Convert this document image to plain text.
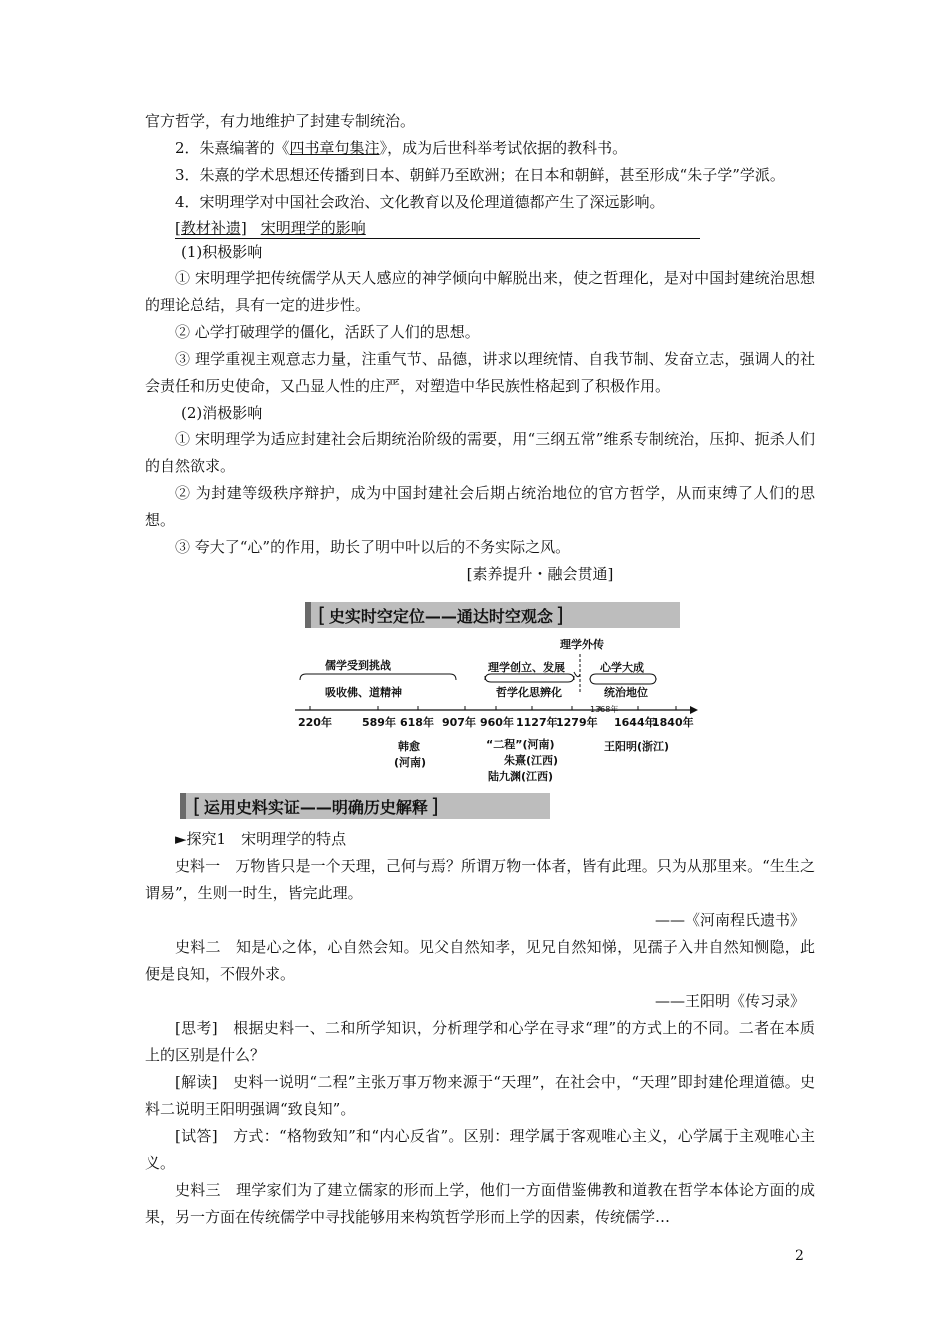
官方哲学，有力地维护了封建专制统治。

2．朱熹编著的《四书章句集注》，成为后世科举考试依据的教科书。

3．朱熹的学术思想还传播到日本、朝鲜乃至欧洲；在日本和朝鲜，甚至形成“朱子学”学派。

4．宋明理学对中国社会政治、文化教育以及伦理道德都产生了深远影响。

[教材补遗] 宋明理学的影响
(1)积极影响

① 宋明理学把传统儒学从天人感应的神学倾向中解脱出来，使之哲理化，是对中国封建统治思想的理论总结，具有一定的进步性。

② 心学打破理学的僵化，活跃了人们的思想。

③ 理学重视主观意志力量，注重气节、品德，讲求以理统情、自我节制、发奋立志，强调人的社会责任和历史使命，又凸显人性的庄严，对塑造中华民族性格起到了积极作用。

(2)消极影响

① 宋明理学为适应封建社会后期统治阶级的需要，用“三纲五常”维系专制统治，压抑、扼杀人们的自然欲求。

② 为封建等级秩序辩护，成为中国封建社会后期占统治地位的官方哲学，从而束缚了人们的思想。

③ 夸大了“心”的作用，助长了明中叶以后的不务实际之风。

[素养提升・融会贯通]
[ 史实时空定位——通达时空观念 ]
儒学受到挑战
理学外传
理学创立、发展	心学大成
吸收佛、道精神	哲学化思辨化	统治地位
220年	589年 618年 907年 960年 1127年
1279年
1368年
1644年
1840年
韩愈
(河南)
“二程”(河南)
朱熹(江西)
陆九渊(江西)
王阳明(浙江)
[ 运用史料实证——明确历史解释 ]

►探究1　宋明理学的特点

史料一　万物皆只是一个天理，己何与焉？所谓万物一体者，皆有此理。只为从那里来。“生生之谓易”，生则一时生，皆完此理。

——《河南程氏遗书》

史料二　知是心之体，心自然会知。见父自然知孝，见兄自然知悌，见孺子入井自然知恻隐，此便是良知，不假外求。

——王阳明《传习录》

[思考]　根据史料一、二和所学知识，分析理学和心学在寻求“理”的方式上的不同。二者在本质上的区别是什么？

[解读]　史料一说明“二程”主张万事万物来源于“天理”，在社会中，“天理”即封建伦理道德。史料二说明王阳明强调“致良知”。

[试答]　方式：“格物致知”和“内心反省”。区别：理学属于客观唯心主义，心学属于主观唯心主义。

史料三　理学家们为了建立儒家的形而上学，他们一方面借鉴佛教和道教在哲学本体论方面的成果，另一方面在传统儒学中寻找能够用来构筑哲学形而上学的因素，传统儒学…

2
